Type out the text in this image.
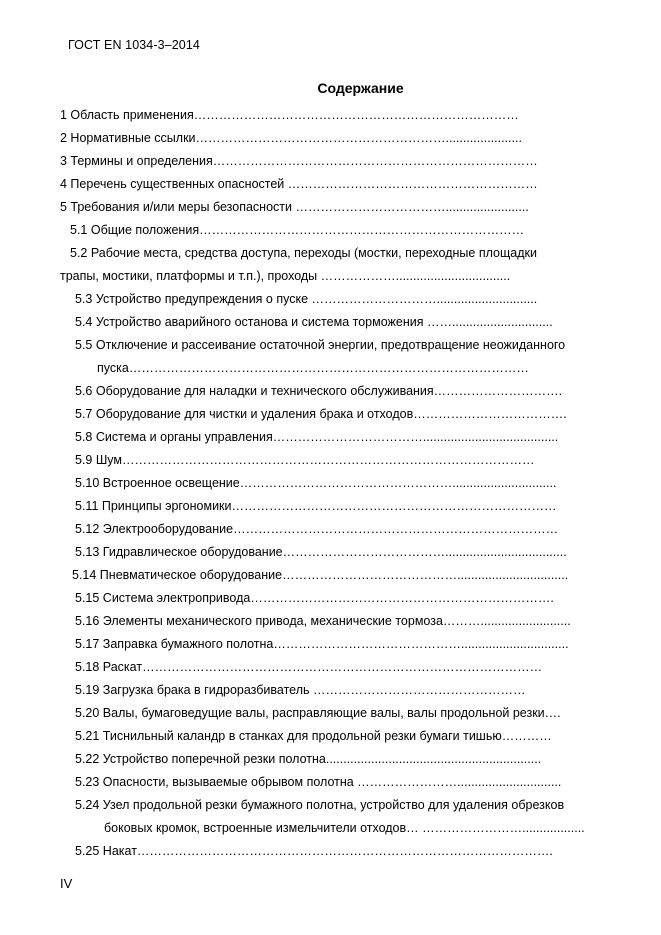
ГОСТ EN 1034-3–2014
Содержание
1 Область применения……………………………………………………………………
2 Нормативные ссылки……………………………………………………......................
3 Термины и определения……………………………………………………………………
4 Перечень существенных опасностей ……………………………………………………
5 Требования и/или меры безопасности ………………………………........................
5.1 Общие положения……………………………………………………………………
5.2 Рабочие места, средства доступа, переходы (мостки, переходные площадки
трапы, мостики, платформы и т.п.), проходы ……………….................................
5.3 Устройство предупреждения о пуске ………………………….............................
5.4 Устройство аварийного останова и система торможения …….............................
5.5 Отключение и рассеивание остаточной энергии, предотвращение неожиданного
пуска……………………………………………………………………………………
5.6 Оборудование для наладки и технического обслуживания………………………….
5.7 Оборудование для чистки и удаления брака и отходов……………………………….
5.8 Система и органы управления……………………………….......................................
5.9 Шум………………………………………………………………………………………
5.10 Встроенное освещение……………………………………………..............................
5.11 Принципы эргономики……………………………………………………………………
5.12 Электрооборудование……………………………………………………………………
5.13 Гидравлическое оборудование…………………………………...................................
5.14 Пневматическое оборудование……………………………………................................
5.15 Система электропривода……………………………………………………………….
5.16 Элементы механического привода, механические тормоза………..........................
5.17 Заправка бумажного полотна………………………………………...............................
5.18 Раскат……………………………………………………………………………………
5.19 Загрузка брака в гидроразбиватель ……………………………………………
5.20 Валы, бумаговедущие валы, расправляющие валы, валы продольной резки….
5.21 Тиснильный каландр в станках для продольной резки бумаги тишью…………
5.22 Устройство поперечной резки полотна..............................................................
5.23 Опасности, вызываемые обрывом полотна ……………………..............................
5.24 Узел продольной резки бумажного полотна, устройство для удаления обрезков
боковых кромок, встроенные измельчители отходов… ……………………..................
5.25 Накат……………………………………………………………………………………….
IV
